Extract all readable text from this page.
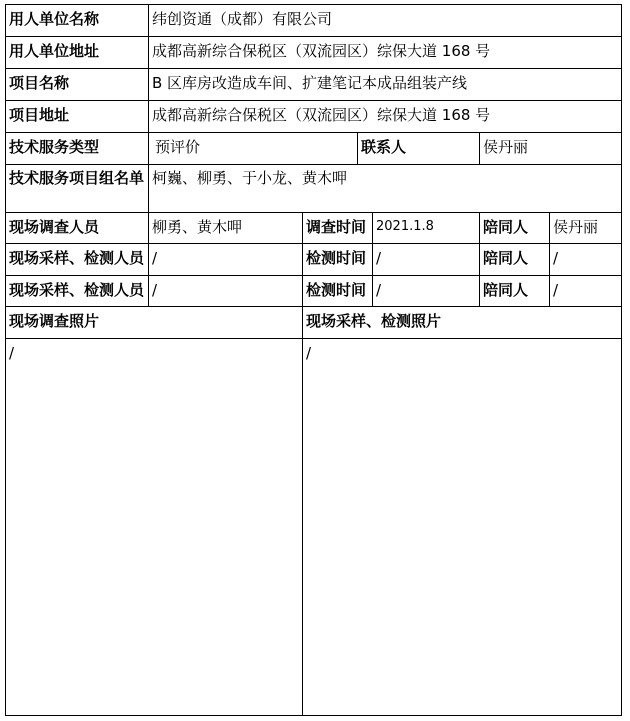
用人单位名称	纬创资通（成都）有限公司
用人单位地址	成都高新综合保税区（双流园区）综保大道 168 号
项目名称	B 区库房改造成车间、扩建笔记本成品组装产线
项目地址	成都高新综合保税区（双流园区）综保大道 168 号
技术服务类型	预评价	联系人	侯丹丽
技术服务项目组名单 柯巍、柳勇、于小龙、黄木呷
现场调查人员	柳勇、黄木呷	调查时间 2021.1.8	陪同人	侯丹丽
现场采样、检测人员 /	检测时间 /	陪同人	/
现场采样、检测人员 /	检测时间 /	陪同人	/
现场调查照片	现场采样、检测照片
/	/
